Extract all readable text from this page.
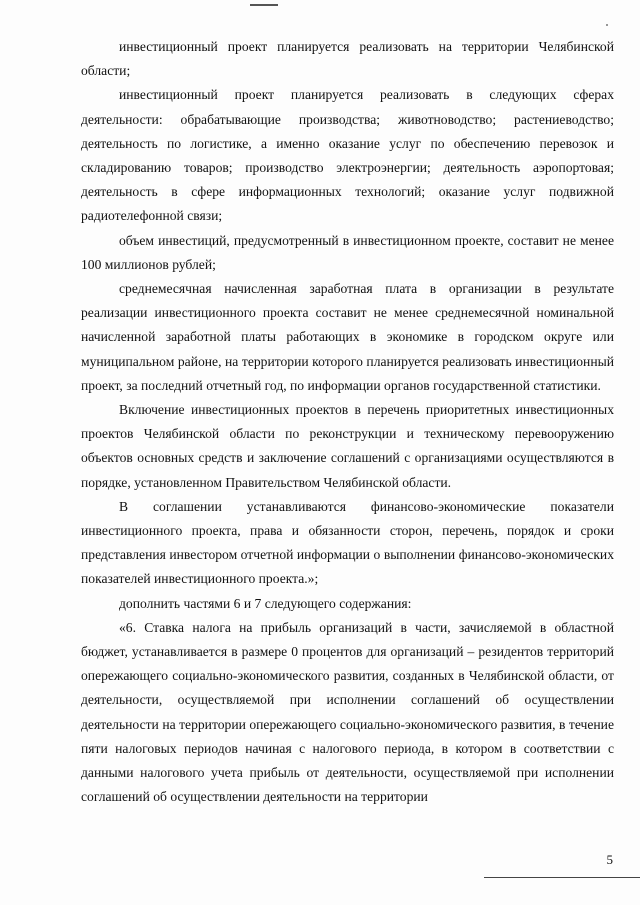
инвестиционный проект планируется реализовать на территории Челябинской области;

инвестиционный проект планируется реализовать в следующих сферах деятельности: обрабатывающие производства; животноводство; растениеводство; деятельность по логистике, а именно оказание услуг по обеспечению перевозок и складированию товаров; производство электроэнергии; деятельность аэропортовая; деятельность в сфере информационных технологий; оказание услуг подвижной радиотелефонной связи;

объем инвестиций, предусмотренный в инвестиционном проекте, составит не менее 100 миллионов рублей;

среднемесячная начисленная заработная плата в организации в результате реализации инвестиционного проекта составит не менее среднемесячной номинальной начисленной заработной платы работающих в экономике в городском округе или муниципальном районе, на территории которого планируется реализовать инвестиционный проект, за последний отчетный год, по информации органов государственной статистики.

Включение инвестиционных проектов в перечень приоритетных инвестиционных проектов Челябинской области по реконструкции и техническому перевооружению объектов основных средств и заключение соглашений с организациями осуществляются в порядке, установленном Правительством Челябинской области.

В соглашении устанавливаются финансово-экономические показатели инвестиционного проекта, права и обязанности сторон, перечень, порядок и сроки представления инвестором отчетной информации о выполнении финансово-экономических показателей инвестиционного проекта.»;

дополнить частями 6 и 7 следующего содержания:

«6. Ставка налога на прибыль организаций в части, зачисляемой в областной бюджет, устанавливается в размере 0 процентов для организаций – резидентов территорий опережающего социально-экономического развития, созданных в Челябинской области, от деятельности, осуществляемой при исполнении соглашений об осуществлении деятельности на территории опережающего социально-экономического развития, в течение пяти налоговых периодов начиная с налогового периода, в котором в соответствии с данными налогового учета прибыль от деятельности, осуществляемой при исполнении соглашений об осуществлении деятельности на территории

5
